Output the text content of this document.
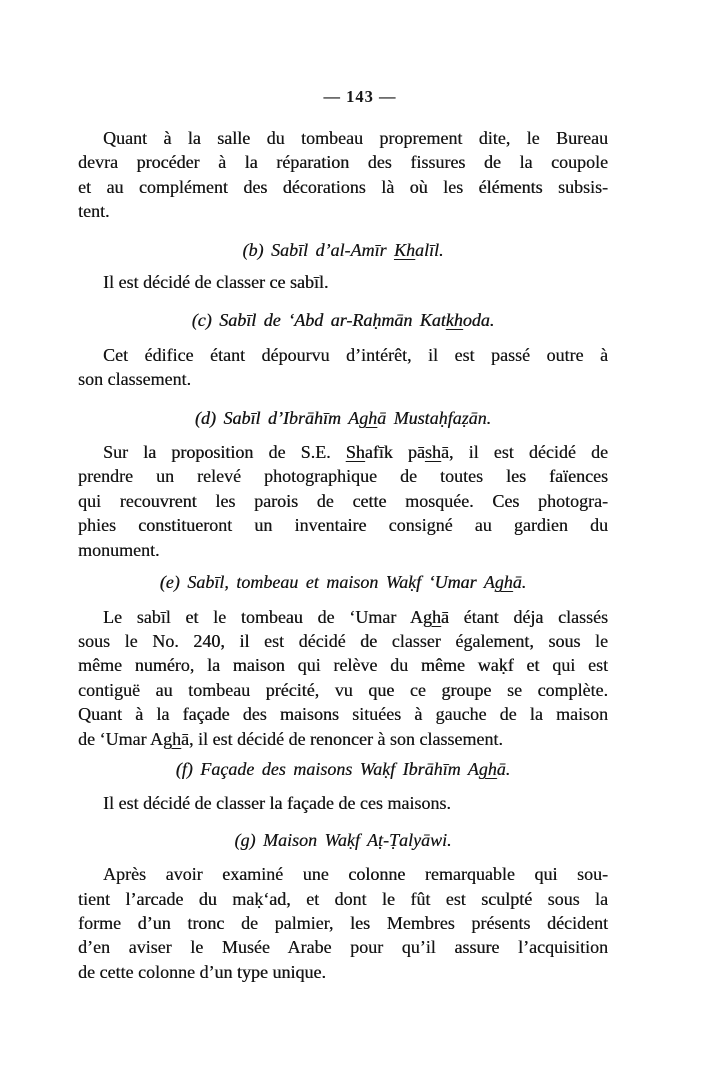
— 143 —
Quant à la salle du tombeau proprement dite, le Bureau
devra procéder à la réparation des fissures de la coupole
et au complément des décorations là où les éléments subsis-
tent.
(b) Sabīl d’al-Amīr Khalīl.
Il est décidé de classer ce sabīl.
(c) Sabīl de ‘Abd ar-Raḥmān Katkhoda.
Cet édifice étant dépourvu d’intérêt, il est passé outre à
son classement.
(d) Sabīl d’Ibrāhīm Aghā Mustaḥfaẓān.
Sur la proposition de S.E. Shafīk pāshā, il est décidé de
prendre un relevé photographique de toutes les faïences
qui recouvrent les parois de cette mosquée. Ces photogra-
phies constitueront un inventaire consigné au gardien du
monument.
(e) Sabīl, tombeau et maison Waḳf ‘Umar Aghā.
Le sabīl et le tombeau de ‘Umar Aghā étant déja classés
sous le No. 240, il est décidé de classer également, sous le
même numéro, la maison qui relève du même waḳf et qui est
contiguë au tombeau précité, vu que ce groupe se complète.
Quant à la façade des maisons situées à gauche de la maison
de ‘Umar Aghā, il est décidé de renoncer à son classement.
(f) Façade des maisons Waḳf Ibrāhīm Aghā.
Il est décidé de classer la façade de ces maisons.
(g) Maison Waḳf Aṭ-Ṭalyāwi.
Après avoir examiné une colonne remarquable qui sou-
tient l’arcade du maḳ‘ad, et dont le fût est sculpté sous la
forme d’un tronc de palmier, les Membres présents décident
d’en aviser le Musée Arabe pour qu’il assure l’acquisition
de cette colonne d’un type unique.
